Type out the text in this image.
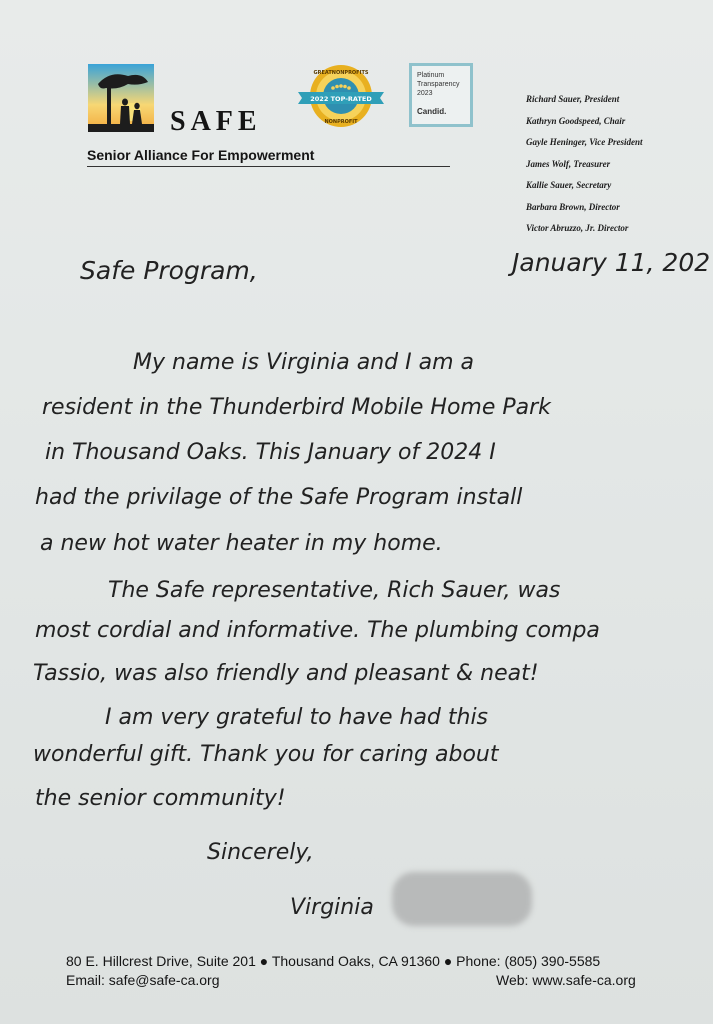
SAFE
Senior Alliance For Empowerment
GREATNONPROFITS
2022 TOP-RATED
NONPROFIT
Platinum
Transparency
2023
Candid.
Richard Sauer, President
Kathryn Goodspeed, Chair
Gayle Heninger, Vice President
James Wolf, Treasurer
Kallie Sauer, Secretary
Barbara Brown, Director
Victor Abruzzo, Jr. Director
Safe Program,	January 11, 202
My name is Virginia and I am a
resident in the Thunderbird Mobile Home Park
in Thousand Oaks. This January of 2024 I
had the privilage of the Safe Program install
a new hot water heater in my home.
The Safe representative, Rich Sauer, was
most cordial and informative. The plumbing compa
Tassio, was also friendly and pleasant & neat!
I am very grateful to have had this
wonderful gift. Thank you for caring about
the senior community!
Sincerely,
Virginia
80 E. Hillcrest Drive, Suite 201 ● Thousand Oaks, CA 91360 ● Phone: (805) 390-5585
Email: safe@safe-ca.org	Web: www.safe-ca.org
